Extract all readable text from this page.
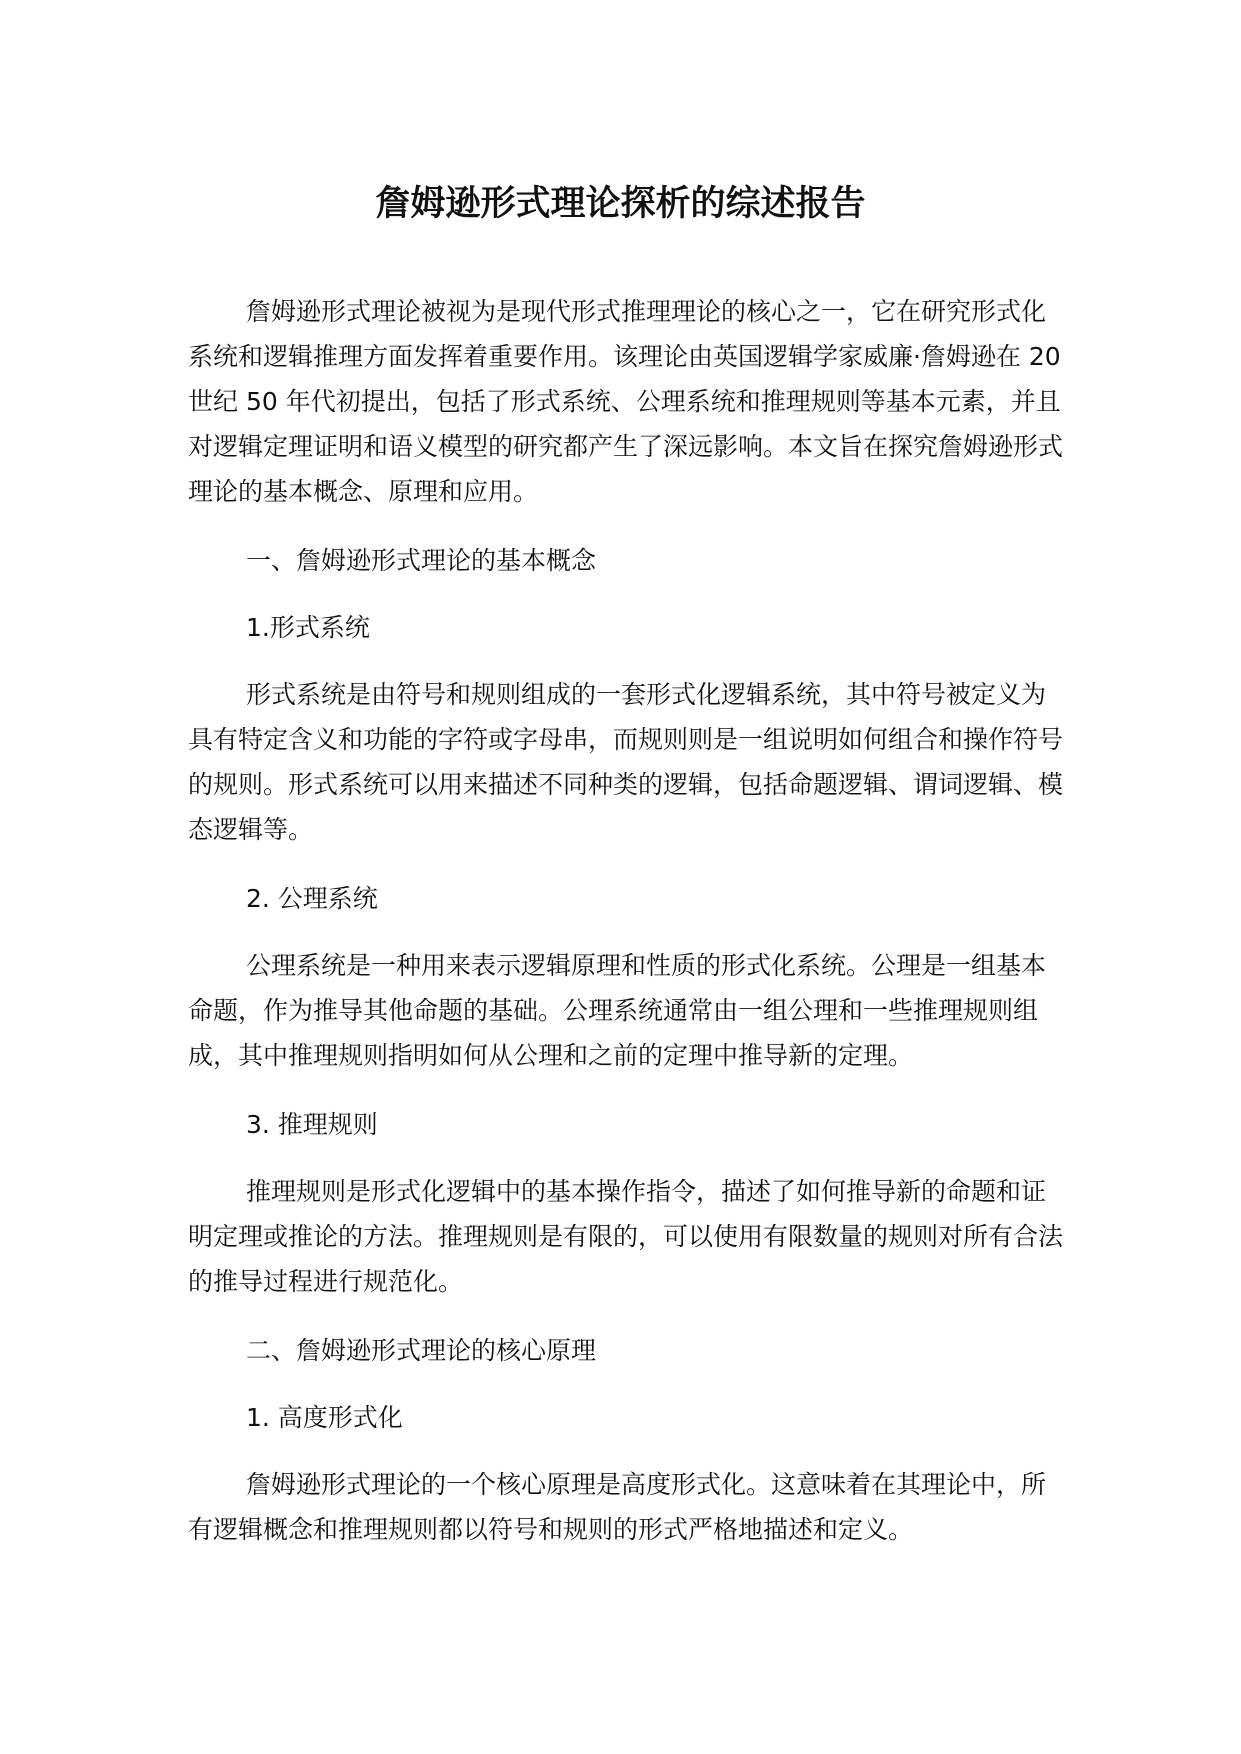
詹姆逊形式理论探析的综述报告

詹姆逊形式理论被视为是现代形式推理理论的核心之一，它在研究形式化系统和逻辑推理方面发挥着重要作用。该理论由英国逻辑学家威廉·詹姆逊在 20 世纪 50 年代初提出，包括了形式系统、公理系统和推理规则等基本元素，并且对逻辑定理证明和语义模型的研究都产生了深远影响。本文旨在探究詹姆逊形式理论的基本概念、原理和应用。

一、詹姆逊形式理论的基本概念

1.形式系统

形式系统是由符号和规则组成的一套形式化逻辑系统，其中符号被定义为具有特定含义和功能的字符或字母串，而规则则是一组说明如何组合和操作符号的规则。形式系统可以用来描述不同种类的逻辑，包括命题逻辑、谓词逻辑、模态逻辑等。

2. 公理系统

公理系统是一种用来表示逻辑原理和性质的形式化系统。公理是一组基本命题，作为推导其他命题的基础。公理系统通常由一组公理和一些推理规则组成，其中推理规则指明如何从公理和之前的定理中推导新的定理。

3. 推理规则

推理规则是形式化逻辑中的基本操作指令，描述了如何推导新的命题和证明定理或推论的方法。推理规则是有限的，可以使用有限数量的规则对所有合法的推导过程进行规范化。

二、詹姆逊形式理论的核心原理

1. 高度形式化

詹姆逊形式理论的一个核心原理是高度形式化。这意味着在其理论中，所有逻辑概念和推理规则都以符号和规则的形式严格地描述和定义。
